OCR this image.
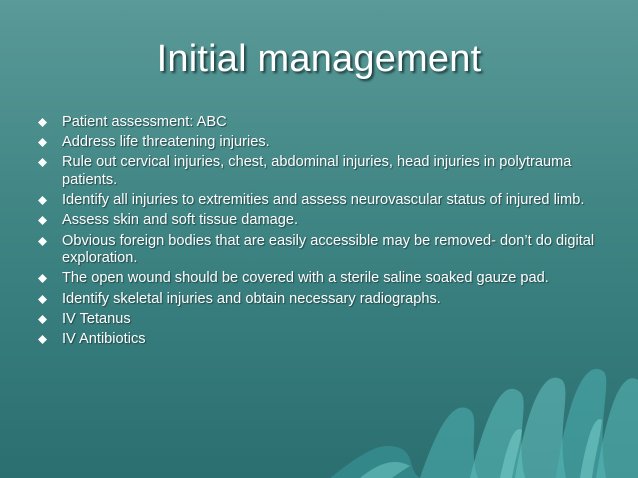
Initial management
Patient assessment: ABC
Address life threatening injuries.
Rule out cervical injuries, chest, abdominal injuries, head injuries in polytrauma patients.
Identify all injuries to extremities and assess neurovascular status of injured limb.
Assess skin and soft tissue damage.
Obvious foreign bodies that are easily accessible may be removed- don’t do digital exploration.
The open wound should be covered with a sterile saline soaked gauze pad.
Identify skeletal injuries and obtain necessary radiographs.
IV Tetanus
IV Antibiotics
